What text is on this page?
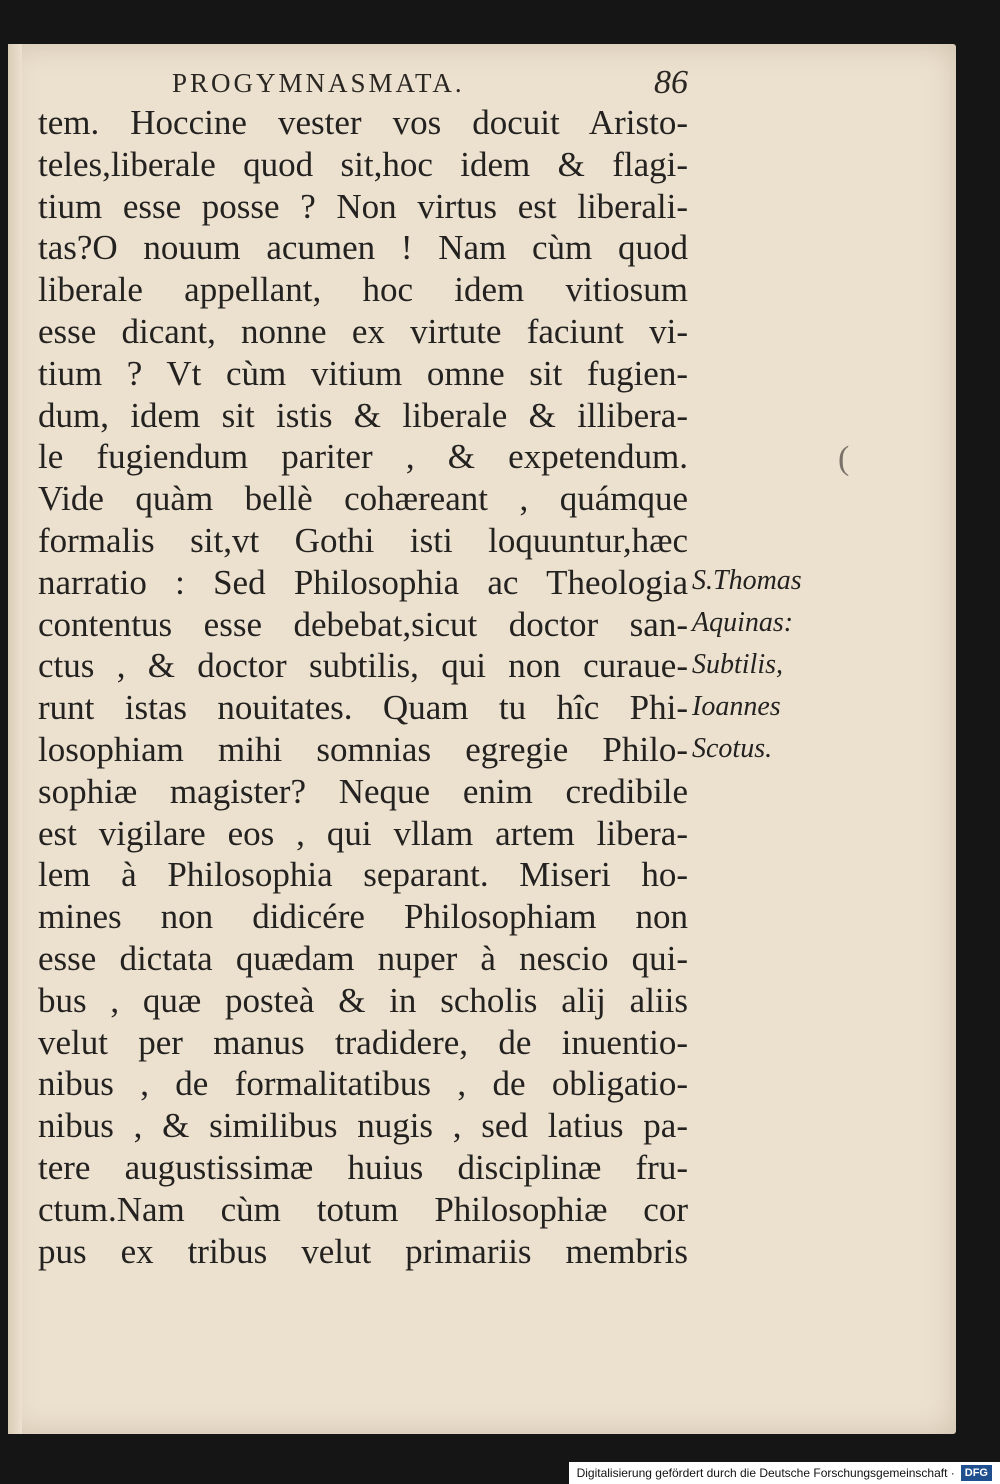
PROGYMNASMATA.	86
tem. Hoccine vester vos docuit Aristo-
teles,liberale quod sit,hoc idem & flagi-
tium esse posse ? Non virtus est liberali-
tas?O nouum acumen ! Nam cùm quod
liberale appellant, hoc idem vitiosum
esse dicant, nonne ex virtute faciunt vi-
tium ? Vt cùm vitium omne sit fugien-
dum, idem sit istis & liberale & illibera-
le fugiendum pariter , & expetendum.
Vide quàm bellè cohæreant , quámque
formalis sit,vt Gothi isti loquuntur,hæc
narratio : Sed Philosophia ac Theologia
contentus esse debebat,sicut doctor san-
ctus , & doctor subtilis, qui non curaue-
runt istas nouitates. Quam tu hîc Phi-
losophiam mihi somnias egregie Philo-
sophiæ magister? Neque enim credibile
est vigilare eos , qui vllam artem libera-
lem à Philosophia separant. Miseri ho-
mines non didicére Philosophiam non
esse dictata quædam nuper à nescio qui-
bus , quæ posteà & in scholis alij aliis
velut per manus tradidere, de inuentio-
nibus , de formalitatibus , de obligatio-
nibus , & similibus nugis , sed latius pa-
tere augustissimæ huius disciplinæ fru-
ctum.Nam cùm totum Philosophiæ cor
pus ex tribus velut primariis membris
S.Thomas
Aquinas:
Subtilis,
Ioannes
Scotus.
(
Digitalisierung gefördert durch die Deutsche Forschungsgemeinschaft · DFG
